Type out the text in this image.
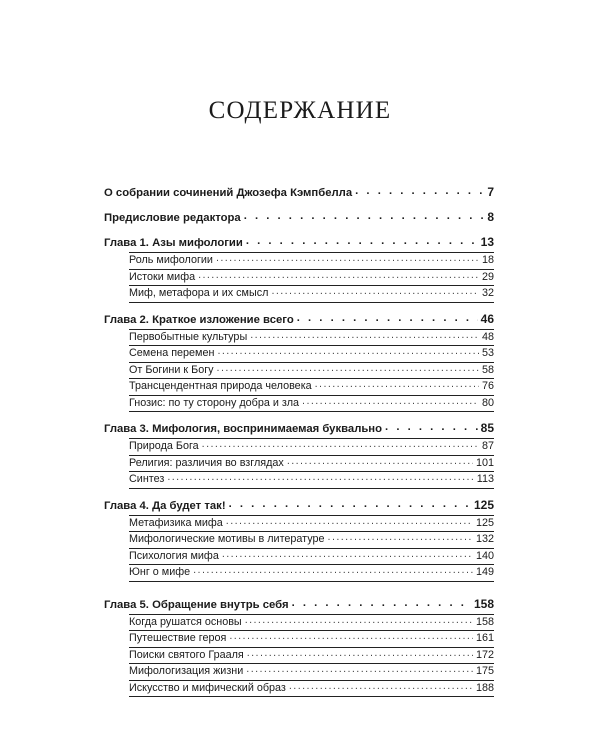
СОДЕРЖАНИЕ
О собрании сочинений Джозефа Кэмпбелла . . .	7
Предисловие редактора . . .	8
Глава 1. Азы мифологии . . .	13
Роль мифологии .....	18
Истоки мифа .....	29
Миф, метафора и их смысл .....	32
Глава 2. Краткое изложение всего . . .	46
Первобытные культуры .....	48
Семена перемен .....	53
От Богини к Богу .....	58
Трансцендентная природа человека .....	76
Гнозис: по ту сторону добра и зла .....	80
Глава 3. Мифология, воспринимаемая буквально . . .	85
Природа Бога .....	87
Религия: различия во взглядах .....	101
Синтез .....	113
Глава 4. Да будет так! . . .	125
Метафизика мифа .....	125
Мифологические мотивы в литературе .....	132
Психология мифа .....	140
Юнг о мифе .....	149
Глава 5. Обращение внутрь себя . . .	158
Когда рушатся основы .....	158
Путешествие героя .....	161
Поиски святого Грааля .....	172
Мифологизация жизни .....	175
Искусство и мифический образ .....	188
